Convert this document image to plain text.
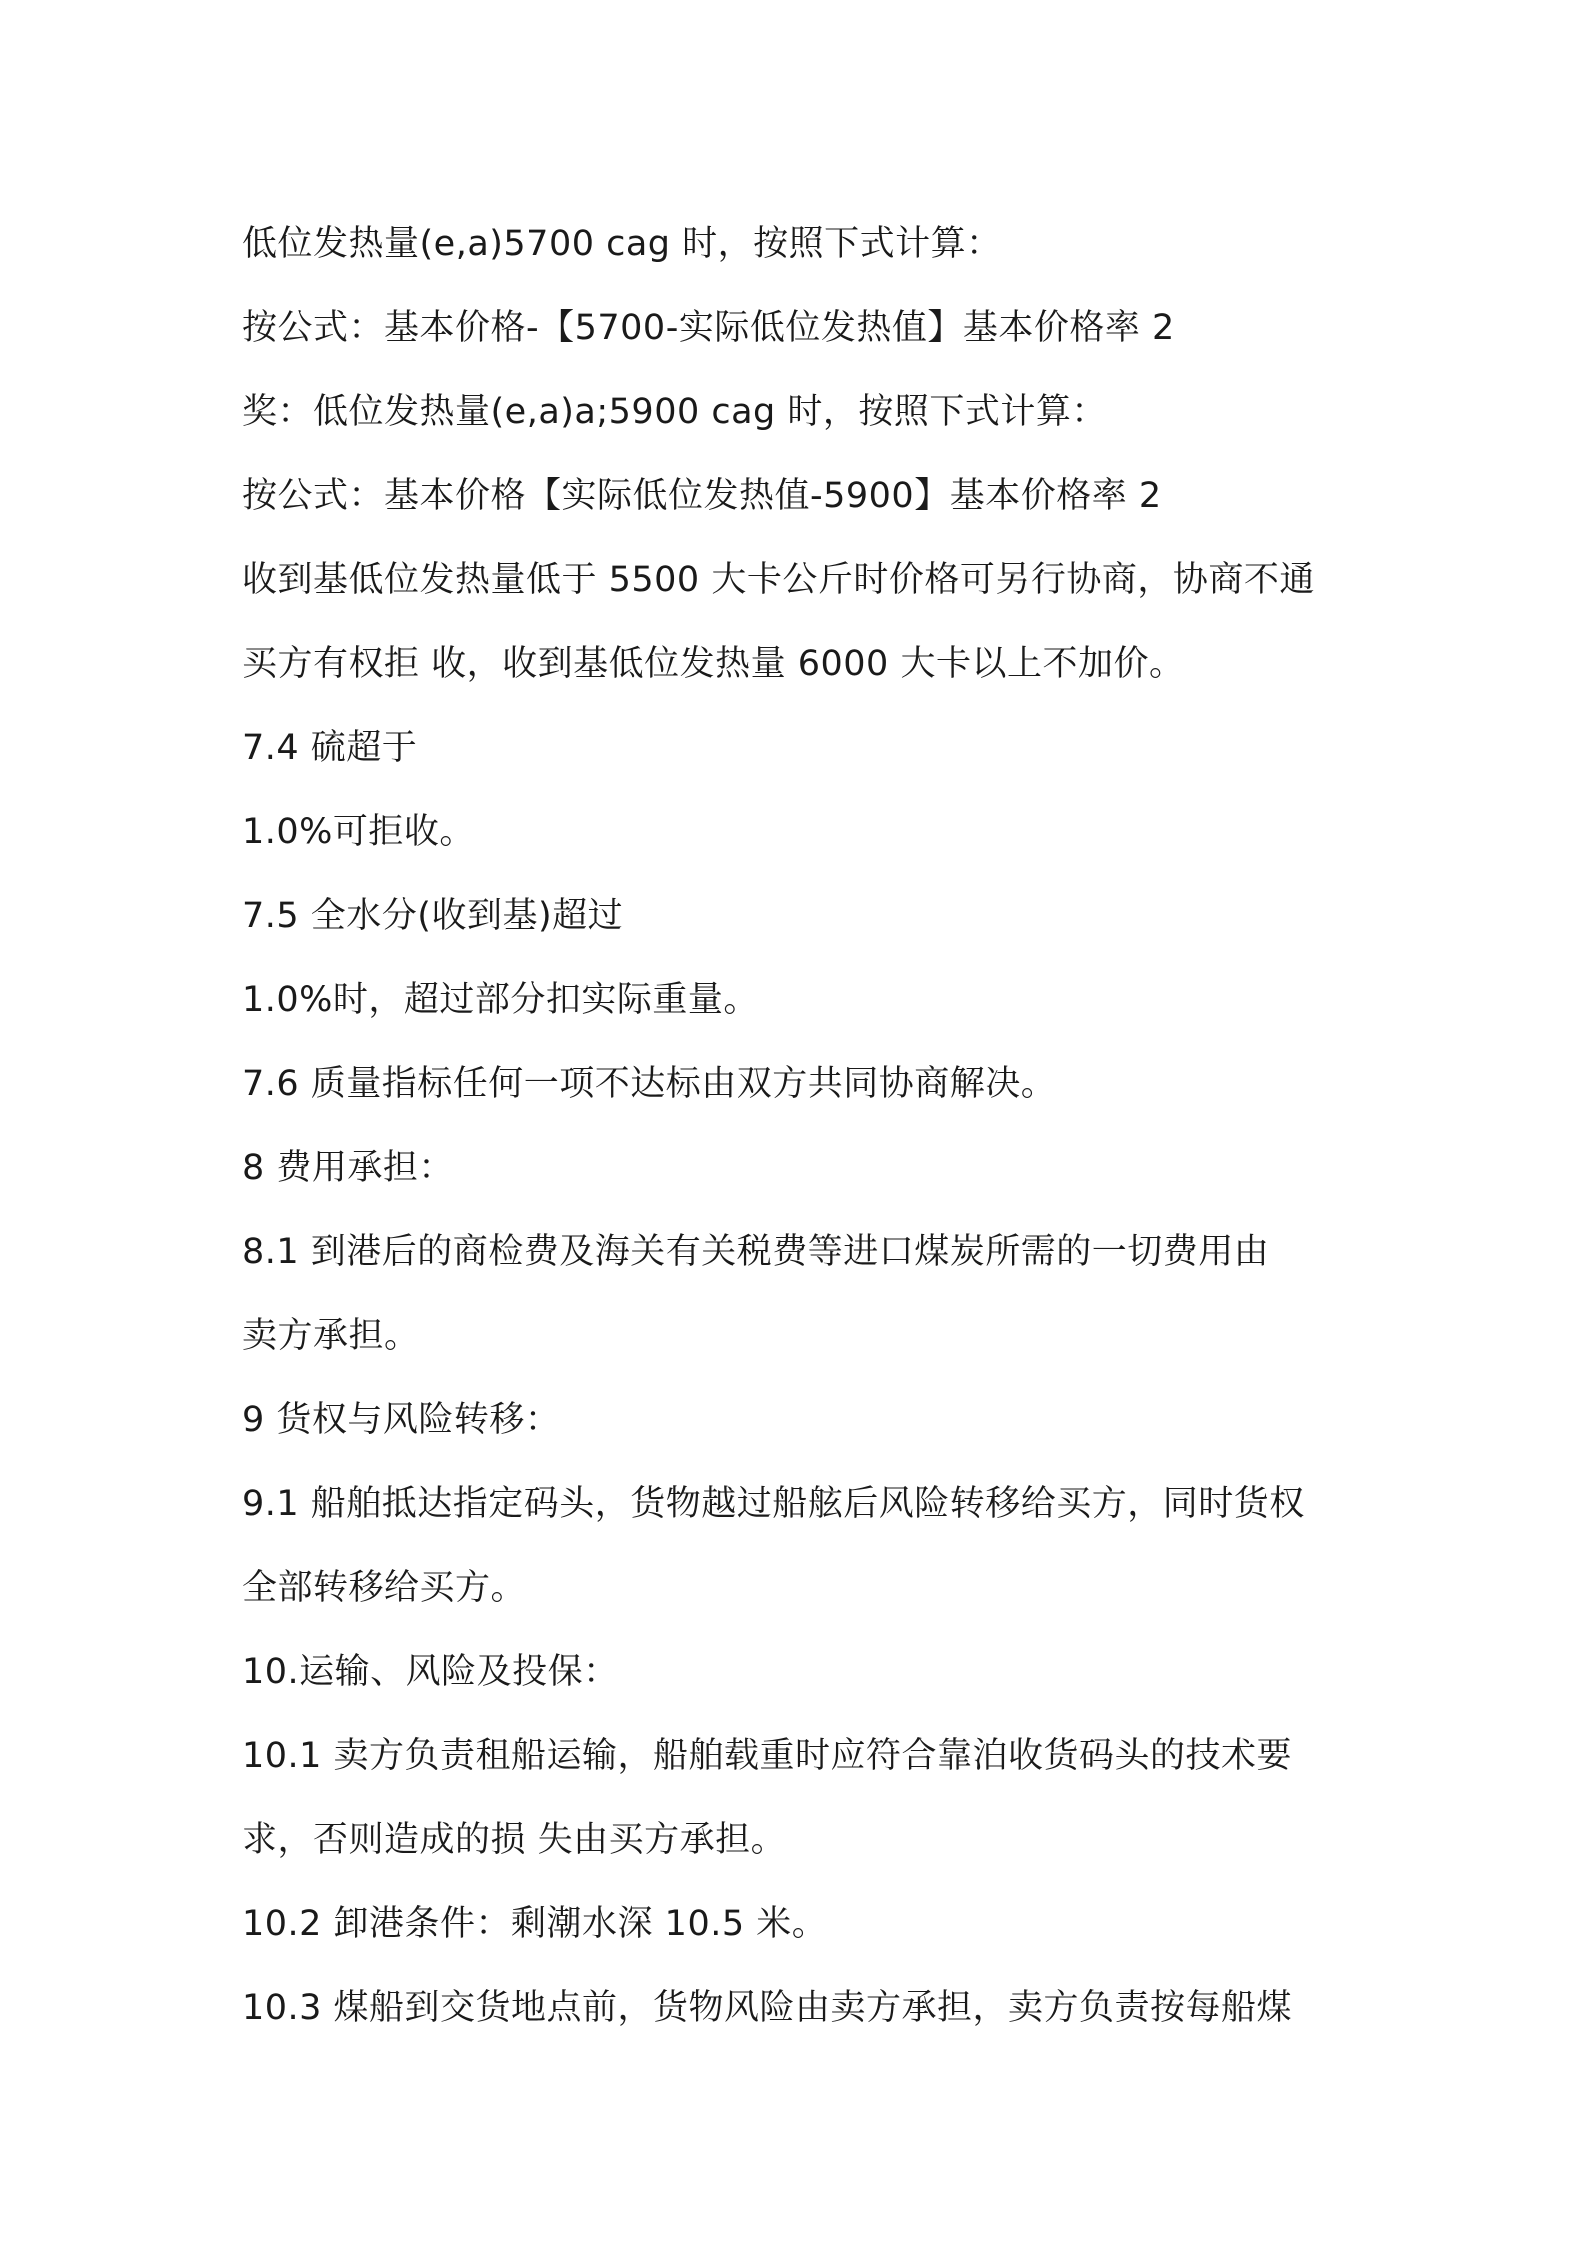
低位发热量(e,a)5700 cag 时，按照下式计算：

按公式：基本价格-【5700-实际低位发热值】基本价格率 2

奖：低位发热量(e,a)a;5900 cag 时，按照下式计算：

按公式：基本价格【实际低位发热值-5900】基本价格率 2

收到基低位发热量低于 5500 大卡公斤时价格可另行协商，协商不通

买方有权拒 收，收到基低位发热量 6000 大卡以上不加价。

7.4 硫超于

1.0%可拒收。

7.5 全水分(收到基)超过

1.0%时，超过部分扣实际重量。

7.6 质量指标任何一项不达标由双方共同协商解决。

8 费用承担：

8.1 到港后的商检费及海关有关税费等进口煤炭所需的一切费用由

卖方承担。

9 货权与风险转移：

9.1 船舶抵达指定码头，货物越过船舷后风险转移给买方，同时货权

全部转移给买方。

10.运输、风险及投保：

10.1 卖方负责租船运输，船舶载重时应符合靠泊收货码头的技术要

求，否则造成的损 失由买方承担。

10.2 卸港条件：剩潮水深 10.5 米。

10.3 煤船到交货地点前，货物风险由卖方承担，卖方负责按每船煤
